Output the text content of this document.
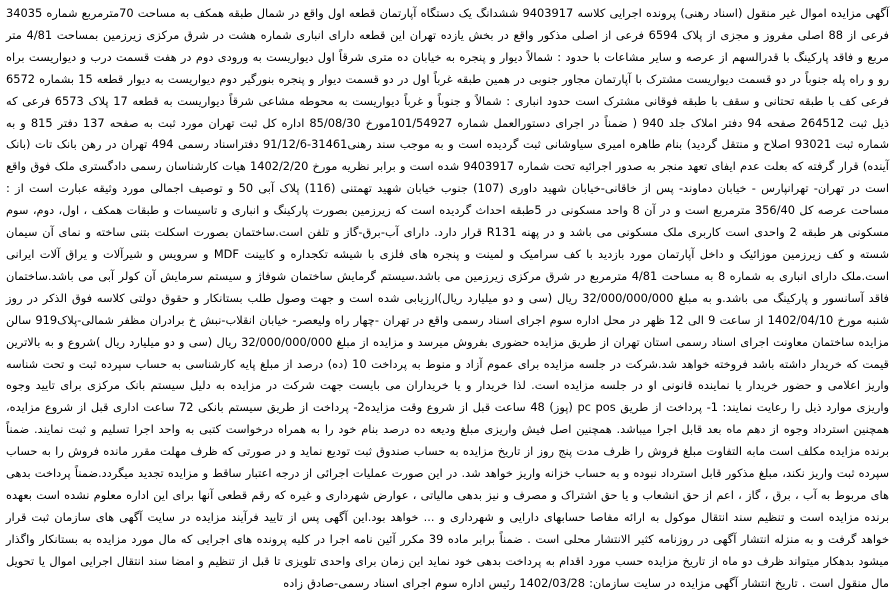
آگهی مزایده اموال غیر منقول (اسناد رهنی) پرونده اجرایی کلاسه 9403917 ششدانگ یک دستگاه آپارتمان قطعه اول واقع در شمال طبقه همکف به مساحت 70مترمربع شماره 34035 فرعی از 88 اصلی مفروز و مجزی از پلاک 6594 فرعی از اصلی مذکور واقع در بخش یازده تهران این قطعه دارای انباری شماره هشت در شرق مرکزی زیرزمین بمساحت 4/81 متر مربع و فاقد پارکینگ با قدرالسهم از عرصه و سایر مشاعات با حدود : شمالاً دیوار و پنجره به خیابان ده متری شرقاً اول دیواریست به ورودی دوم در هفت قسمت درب و دیواریست براه رو و راه پله جنوباً در دو قسمت دیواریست مشترک با آپارتمان مجاور جنوبی در همین طبقه غرباً اول در دو قسمت دیوار و پنجره بنورگیر دوم دیواریست به دیوار قطعه 15 بشماره 6572 فرعی کف با طبقه تحتانی و سقف با طبقه فوقانی مشترک است حدود انباری : شمالاً و جنوباً و غرباً دیواریست به محوطه مشاعی شرقاً دیواریست به قطعه 17 پلاک 6573 فرعی که ذیل ثبت 264512 صفحه 94 دفتر املاک جلد 940 ( ضمناً در اجرای دستورالعمل شماره 101/54927مورخ 85/08/30 اداره کل ثبت تهران مورد ثبت به صفحه 137 دفتر 815 و به شماره ثبت 93021 اصلاح و منتقل گردید) بنام طاهره امیری سیاوشانی ثبت گردیده است و به موجب سند رهنی31461-91/12/6 دفتراسناد رسمی 494 تهران در رهن بانک تات (بانک آینده) قرار گرفته که بعلت عدم ایفای تعهد منجر به صدور اجرائیه تحت شماره 9403917 شده است و برابر نظریه مورخ 1402/2/20 هیات کارشناسان رسمی دادگستری ملک فوق واقع است در تهران- تهرانپارس - خیابان دماوند- پس از خاقانی-خیابان شهید داوری (107) جنوب خیابان شهید تهمتنی (116) پلاک آبی 50 و توصیف اجمالی مورد وثیقه عبارت است از : مساحت عرصه کل 356/40 مترمربع است و در آن 8 واحد مسکونی در 5طبقه احداث گردیده است که زیرزمین بصورت پارکینگ و انباری و تاسیسات و طبقات همکف ، اول، دوم، سوم مسکونی هر طبقه 2 واحدی است کاربری ملک مسکونی می باشد و در پهنه R131 قرار دارد. دارای آب-برق-گاز و تلفن است.ساختمان بصورت اسکلت بتنی ساخته و نمای آن سیمان شسته و کف زیرزمین موزائیک و داخل آپارتمان مورد بازدید با کف سرامیک و لمینت و پنجره های فلزی با شیشه تکجداره و کابینت MDF و سرویس و شیرآلات و یراق آلات ایرانی است.ملک دارای انباری به شماره 8 به مساحت 4/81 مترمربع در شرق مرکزی زیرزمین می باشد.سیستم گرمایش ساختمان شوفاژ و سیستم سرمایش آن کولر آبی می باشد.ساختمان فاقد آسانسور و پارکینگ می باشد.و به مبلغ 32/000/000/000 ریال (سی و دو میلیارد ریال)ارزیابی شده است و جهت وصول طلب بستانکار و حقوق دولتی کلاسه فوق الذکر در روز شنبه مورخ 1402/04/10 از ساعت 9 الی 12 ظهر در محل اداره سوم اجرای اسناد رسمی واقع در تهران -چهار راه ولیعصر- خیابان انقلاب-نبش خ برادران مظفر شمالی-پلاک919 سالن مزایده ساختمان معاونت اجرای اسناد رسمی استان تهران از طریق مزایده حضوری بفروش میرسد و مزایده از مبلغ 32/000/000/000 ریال (سی و دو میلیارد ریال )شروع و به بالاترین قیمت که خریدار داشته باشد فروخته خواهد شد.شرکت در جلسه مزایده برای عموم آزاد و منوط به پرداخت 10 (ده) درصد از مبلغ پایه کارشناسی به حساب سپرده ثبت و تحت شناسه واریز اعلامی و حضور خریدار یا نماینده قانونی او در جلسه مزایده است. لذا خریدار و یا خریداران می بایست جهت شرکت در مزایده به دلیل سیستم بانک مرکزی برای تایید وجوه واریزی موارد ذیل را رعایت نمایند: 1- پرداخت از طریق pc pos (پوز) 48 ساعت قبل از شروع وقت مزایده2- پرداخت از طریق سیستم بانکی 72 ساعت اداری قبل از شروع مزایده، همچنین استرداد وجوه از دهم ماه بعد قابل اجرا میباشد. همچنین اصل فیش واریزی مبلغ ودیعه ده درصد بنام خود را به همراه درخواست کتبی به واحد اجرا تسلیم و ثبت نمایند. ضمناً برنده مزایده مکلف است مابه التفاوت مبلغ فروش را ظرف مدت پنج روز از تاریخ مزایده به حساب صندوق ثبت تودیع نماید و در صورتی که ظرف مهلت مقرر مانده فروش را به حساب سپرده ثبت واریز نکند، مبلغ مذکور قابل استرداد نبوده و به حساب خزانه واریز خواهد شد. در این صورت عملیات اجرائی از درجه اعتبار ساقط و مزایده تجدید میگردد.ضمناً پرداخت بدهی های مربوط به آب ، برق ، گاز ، اعم از حق انشعاب و یا حق اشتراک و مصرف و نیز بدهی مالیاتی ، عوارض شهرداری و غیره که رقم قطعی آنها برای این اداره معلوم نشده است بعهده برنده مزایده است و تنظیم سند انتقال موکول به ارائه مفاصا حسابهای دارایی و شهرداری و ... خواهد بود.این آگهی پس از تایید فرآیند مزایده در سایت آگهی های سازمان ثبت قرار خواهد گرفت و به منزله انتشار آگهی در روزنامه کثیر الانتشار محلی است . ضمناً برابر ماده 39 مکرر آئین نامه اجرا در کلیه پرونده های اجرایی که مال مورد مزایده به بستانکار واگذار میشود بدهکار میتواند ظرف دو ماه از تاریخ مزایده حسب مورد اقدام به پرداخت بدهی خود نماید این زمان برای واحدی تلویزی تا قبل از تنظیم و امضا سند انتقال اجرایی اموال یا تحویل مال منقول است . تاریخ انتشار آگهی مزایده در سایت سازمان: 1402/03/28 رئیس اداره سوم اجرای اسناد رسمی-صادق زاده
